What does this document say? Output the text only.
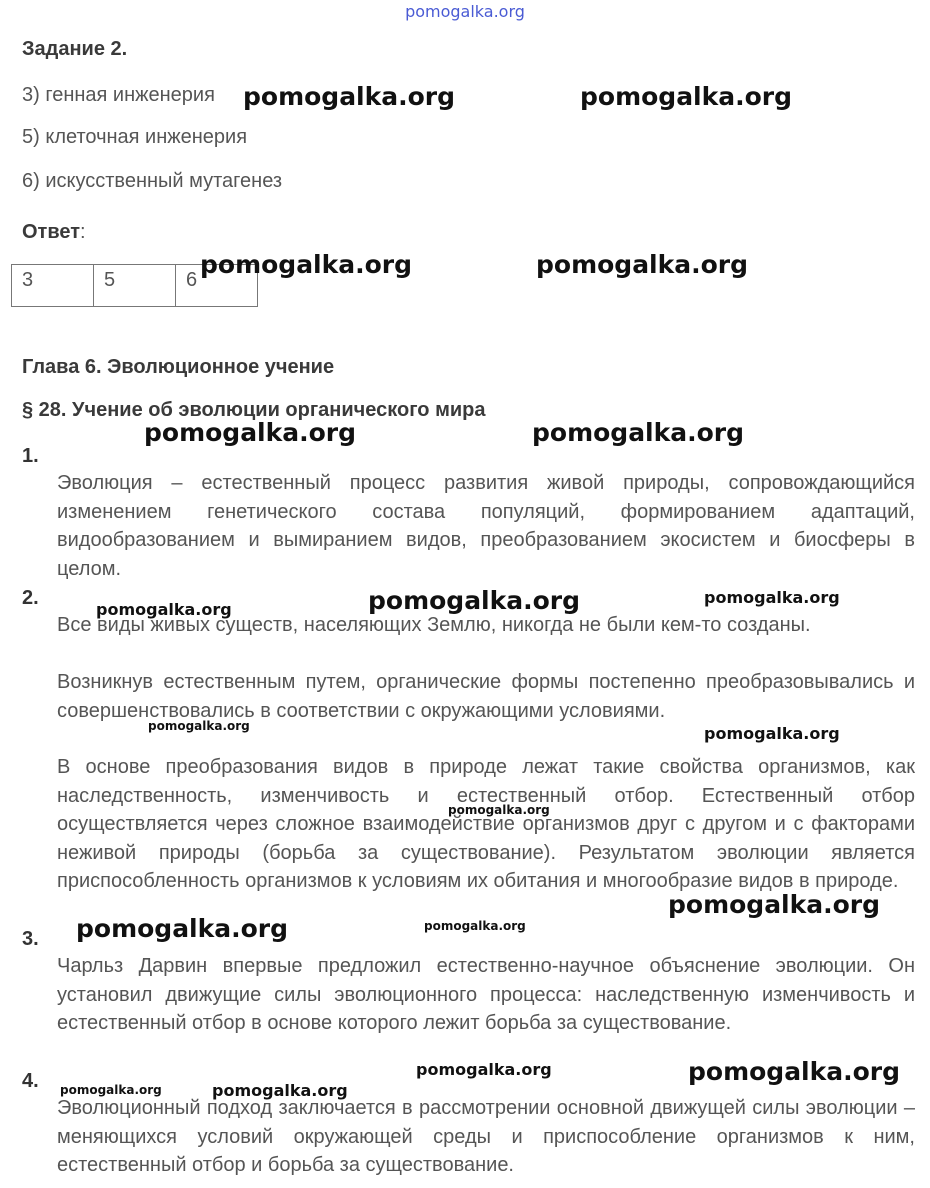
pomogalka.org
Задание 2.
3) генная инженерия
5) клеточная инженерия
6) искусственный мутагенез
Ответ:
3	5	6
Глава 6. Эволюционное учение
§ 28. Учение об эволюции органического мира
1.

Эволюция – естественный процесс развития живой природы, сопровождающийся изменением генетического состава популяций, формированием адаптаций, видообразованием и вымиранием видов, преобразованием экосистем и биосферы в целом.

2.

Все виды живых существ, населяющих Землю, никогда не были кем-то созданы.

Возникнув естественным путем, органические формы постепенно преобразовывались и совершенствовались в соответствии с окружающими условиями.

В основе преобразования видов в природе лежат такие свойства организмов, как наследственность, изменчивость и естественный отбор. Естественный отбор осуществляется через сложное взаимодействие организмов друг с другом и с факторами неживой природы (борьба за существование). Результатом эволюции является приспособленность организмов к условиям их обитания и многообразие видов в природе.

3.

Чарльз Дарвин впервые предложил естественно-научное объяснение эволюции. Он установил движущие силы эволюционного процесса: наследственную изменчивость и естественный отбор в основе которого лежит борьба за существование.

4.

Эволюционный подход заключается в рассмотрении основной движущей силы эволюции – меняющихся условий окружающей среды и приспособление организмов к ним, естественный отбор и борьба за существование.

pomogalka.org	pomogalka.org
pomogalka.org	pomogalka.org
pomogalka.org	pomogalka.org
pomogalka.org	pomogalka.org	pomogalka.org
pomogalka.org	pomogalka.org
pomogalka.org
pomogalka.org
pomogalka.org	pomogalka.org
pomogalka.org	pomogalka.org
pomogalka.org	pomogalka.org
